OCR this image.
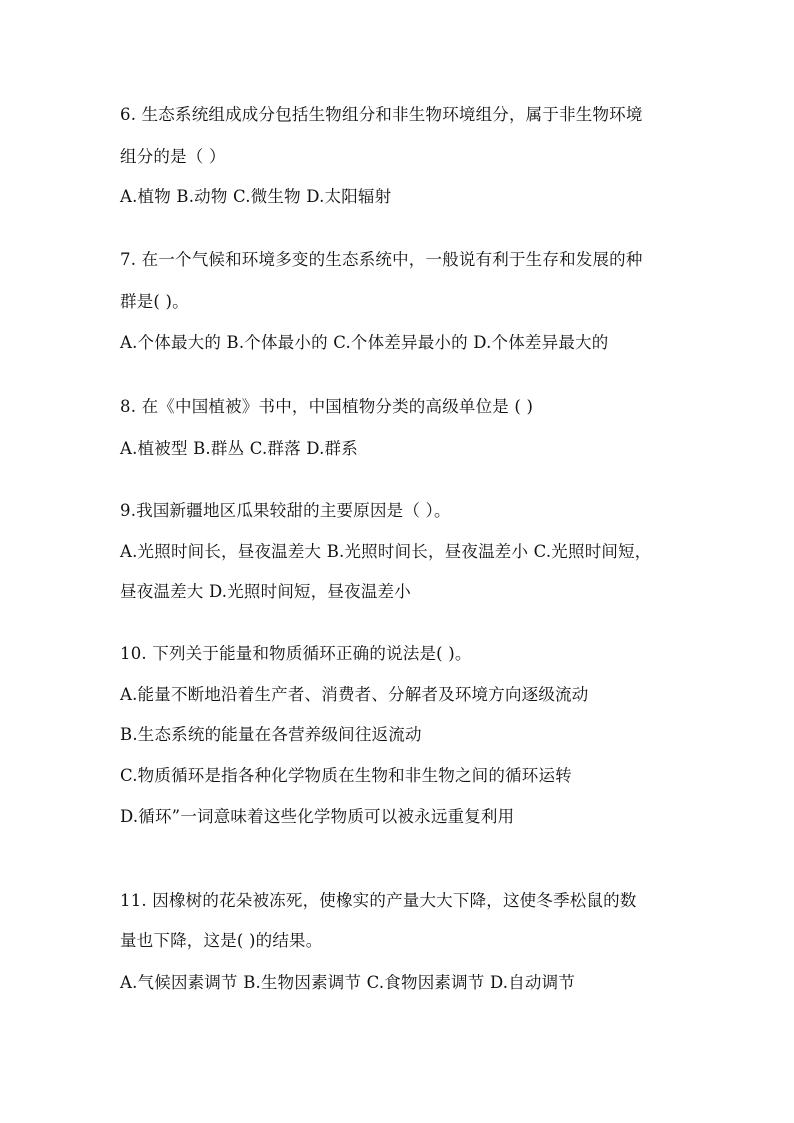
6. 生态系统组成成分包括生物组分和非生物环境组分，属于非生物环境
组分的是（ ）
A.植物 B.动物 C.微生物 D.太阳辐射
7. 在一个气候和环境多变的生态系统中，一般说有利于生存和发展的种
群是( )。
A.个体最大的 B.个体最小的 C.个体差异最小的 D.个体差异最大的
8. 在《中国植被》书中，中国植物分类的高级单位是 ( )
A.植被型 B.群丛 C.群落 D.群系
9.我国新疆地区瓜果较甜的主要原因是（ ）。
A.光照时间长，昼夜温差大 B.光照时间长，昼夜温差小 C.光照时间短，
昼夜温差大 D.光照时间短，昼夜温差小
10. 下列关于能量和物质循环正确的说法是( )。
A.能量不断地沿着生产者、消费者、分解者及环境方向逐级流动
B.生态系统的能量在各营养级间往返流动
C.物质循环是指各种化学物质在生物和非生物之间的循环运转
D.循环”一词意味着这些化学物质可以被永远重复利用
11. 因橡树的花朵被冻死，使橡实的产量大大下降，这使冬季松鼠的数
量也下降，这是( )的结果。
A.气候因素调节 B.生物因素调节 C.食物因素调节 D.自动调节
